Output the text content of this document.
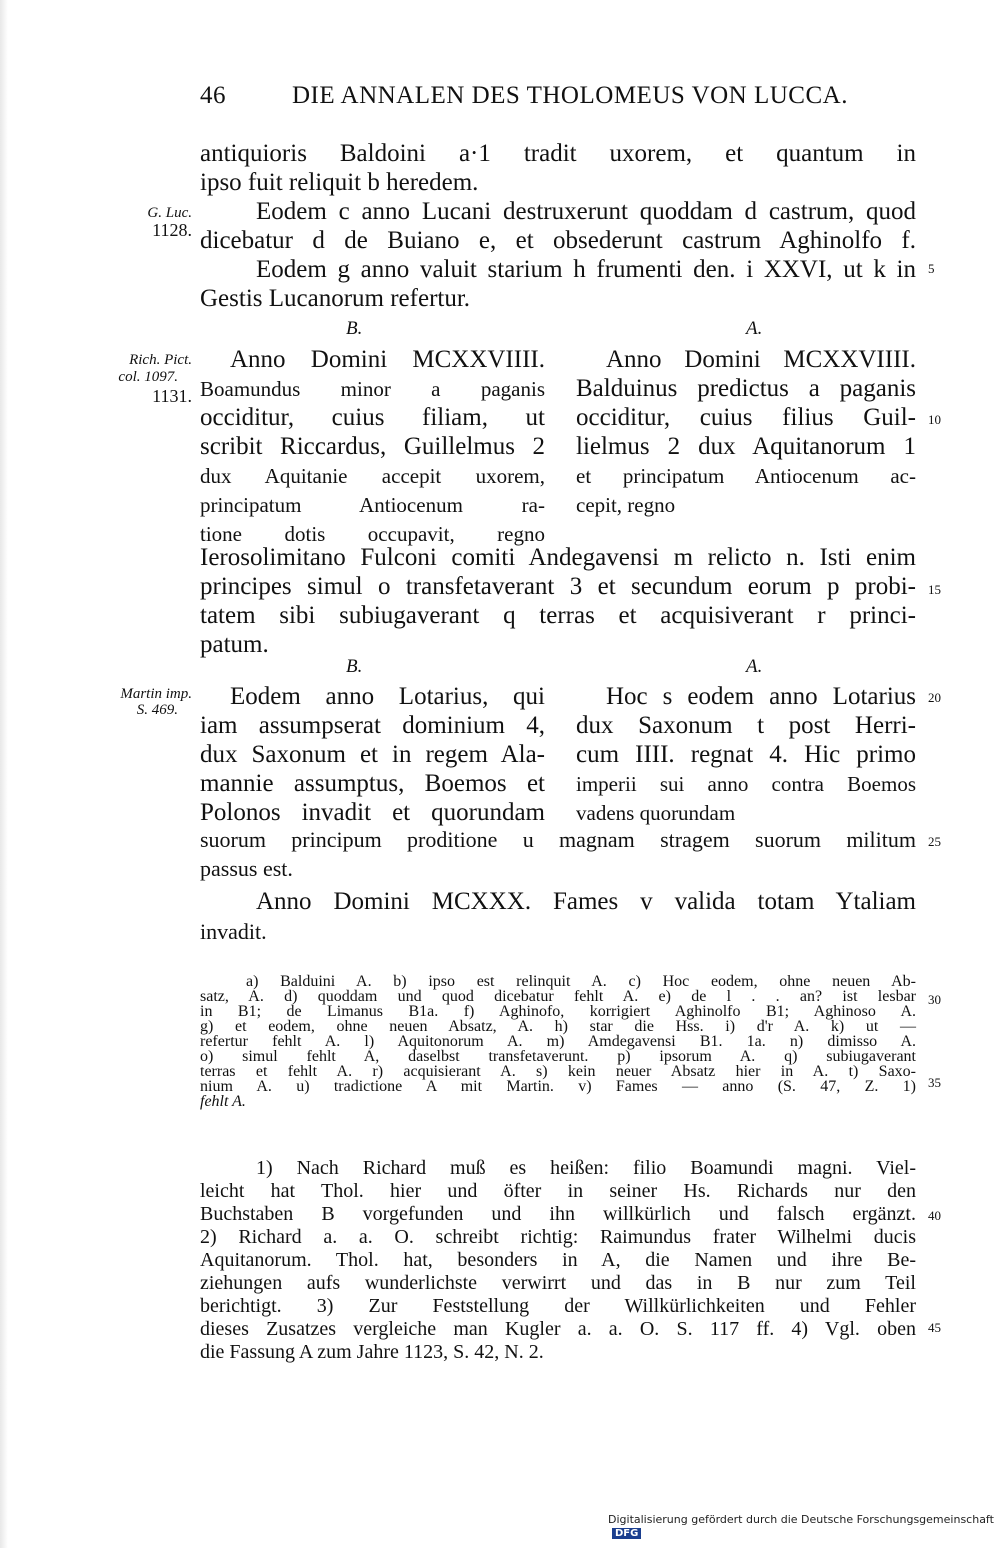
46	DIE ANNALEN DES THOLOMEUS VON LUCCA.
G. Luc.
1128.
Rich. Pict.
col. 1097.
1131.
Martin imp.
S. 469.
5
10
15
20
25
30
35
40
45
antiquioris Baldoini a·1 tradit uxorem, et quantum in
ipso fuit reliquit b heredem.
Eodem c anno Lucani destruxerunt quoddam d castrum, quod
dicebatur d de Buiano e, et obsederunt castrum Aghinolfo f.
Eodem g anno valuit starium h frumenti den. i XXVI, ut k in
Gestis Lucanorum refertur.
B.	A.
Anno Domini MCXXVIIII.
Boamundus minor a paganis
occiditur, cuius filiam, ut
scribit Riccardus, Guillelmus 2
dux Aquitanie accepit uxorem,
principatum Antiocenum ra-
tione dotis occupavit, regno
Anno Domini MCXXVIIII.
Balduinus predictus a paganis
occiditur, cuius filius Guil-
lielmus 2 dux Aquitanorum 1
et principatum Antiocenum ac-
cepit, regno
Ierosolimitano Fulconi comiti Andegavensi m relicto n. Isti enim
principes simul o transfetaverant 3 et secundum eorum p probi-
tatem sibi subiugaverant q terras et acquisiverant r princi-
patum.
B.	A.
Eodem anno Lotarius, qui
iam assumpserat dominium 4,
dux Saxonum et in regem Ala-
mannie assumptus, Boemos et
Polonos invadit et quorundam
Hoc s eodem anno Lotarius
dux Saxonum t post Herri-
cum IIII. regnat 4. Hic primo
imperii sui anno contra Boemos
vadens quorundam
suorum principum proditione u magnam stragem suorum militum
passus est.
Anno Domini MCXXX. Fames v valida totam Ytaliam
invadit.
a) Balduini A. b) ipso est relinquit A. c) Hoc eodem, ohne neuen Ab-
satz, A. d) quoddam und quod dicebatur fehlt A. e) de l . . an? ist lesbar
in B1; de Limanus B1a. f) Aghinofo, korrigiert Aghinolfo B1; Aghinoso A.
g) et eodem, ohne neuen Absatz, A. h) star die Hss. i) d'r A. k) ut —
refertur fehlt A. l) Aquitonorum A. m) Amdegavensi B1. 1a. n) dimisso A.
o) simul fehlt A, daselbst transfetaverunt. p) ipsorum A. q) subiugaverant
terras et fehlt A. r) acquisierant A. s) kein neuer Absatz hier in A. t) Saxo-
nium A. u) tradictione A mit Martin. v) Fames — anno (S. 47, Z. 1)
fehlt A.
1) Nach Richard muß es heißen: filio Boamundi magni. Viel-
leicht hat Thol. hier und öfter in seiner Hs. Richards nur den
Buchstaben B vorgefunden und ihn willkürlich und falsch ergänzt.
2) Richard a. a. O. schreibt richtig: Raimundus frater Wilhelmi ducis
Aquitanorum. Thol. hat, besonders in A, die Namen und ihre Be-
ziehungen aufs wunderlichste verwirrt und das in B nur zum Teil
berichtigt. 3) Zur Feststellung der Willkürlichkeiten und Fehler
dieses Zusatzes vergleiche man Kugler a. a. O. S. 117 ff. 4) Vgl. oben
die Fassung A zum Jahre 1123, S. 42, N. 2.
Digitalisierung gefördert durch die Deutsche ForschungsgemeinschaftDFG
